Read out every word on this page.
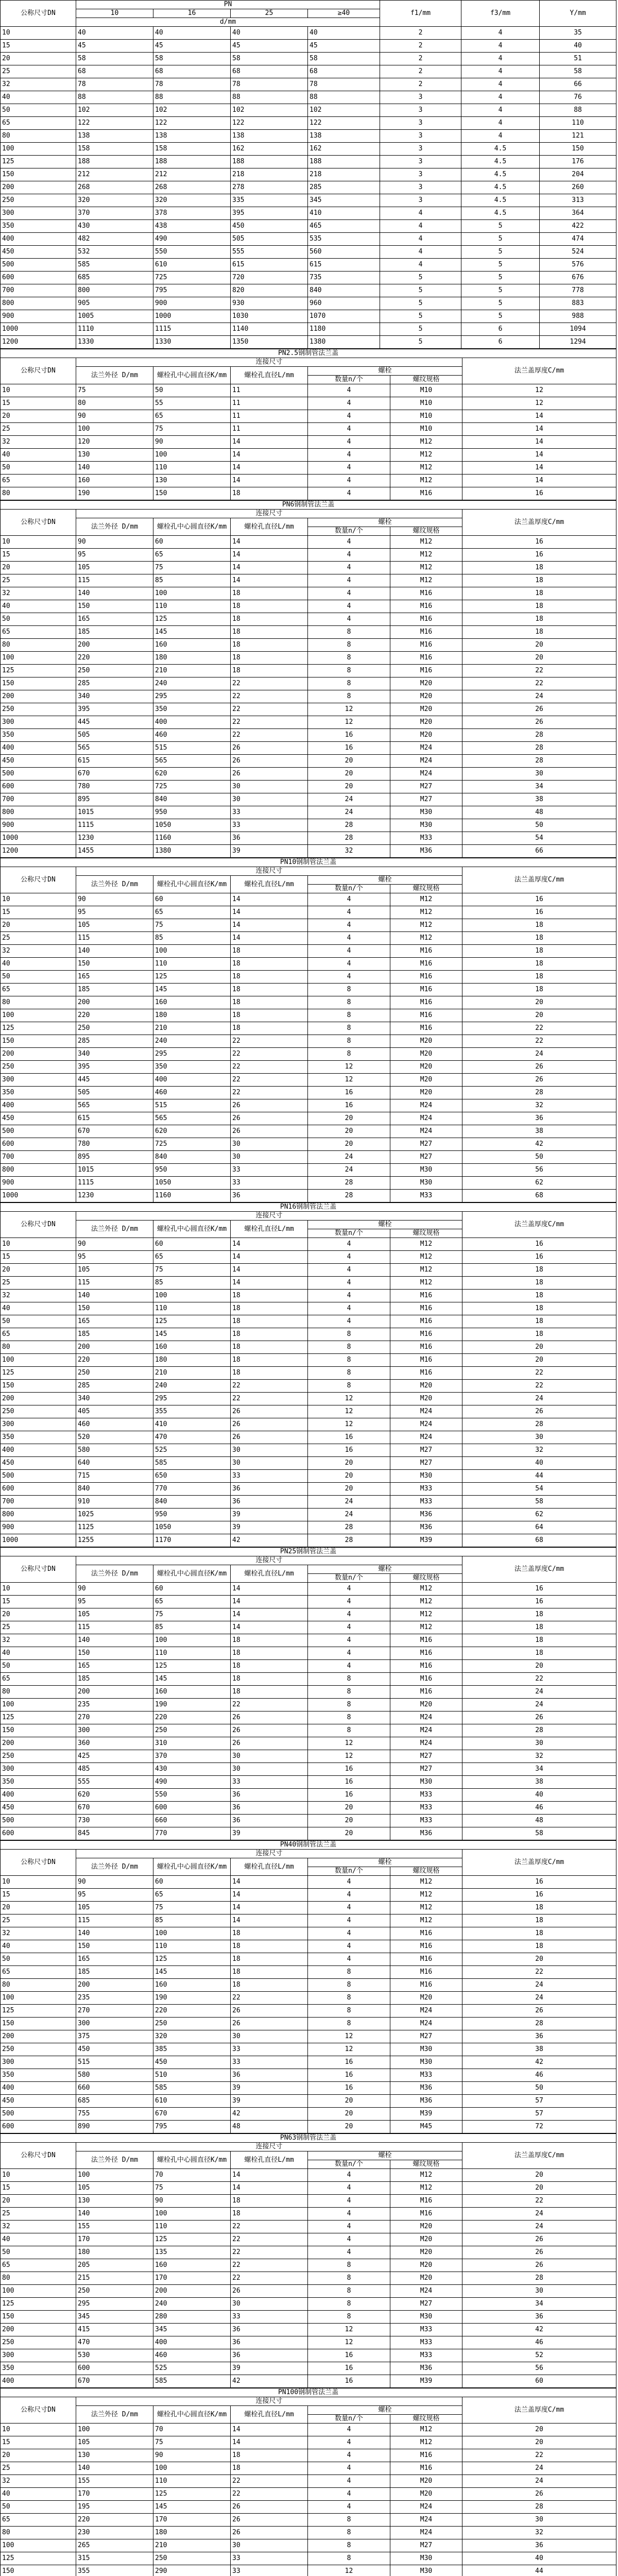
公称尺寸DN	PN				f1/mm	f3/mm	Y/mm
	10	16	25	≥40			
	d/mm						
10	40	40	40	40	2	4	35
15	45	45	45	45	2	4	40
20	58	58	58	58	2	4	51
25	68	68	68	68	2	4	58
32	78	78	78	78	2	4	66
40	88	88	88	88	3	4	76
50	102	102	102	102	3	4	88
65	122	122	122	122	3	4	110
80	138	138	138	138	3	4	121
100	158	158	162	162	3	4.5	150
125	188	188	188	188	3	4.5	176
150	212	212	218	218	3	4.5	204
200	268	268	278	285	3	4.5	260
250	320	320	335	345	3	4.5	313
300	370	378	395	410	4	4.5	364
350	430	438	450	465	4	5	422
400	482	490	505	535	4	5	474
450	532	550	555	560	4	5	524
500	585	610	615	615	4	5	576
600	685	725	720	735	5	5	676
700	800	795	820	840	5	5	778
800	905	900	930	960	5	5	883
900	1005	1000	1030	1070	5	5	988
1000	1110	1115	1140	1180	5	6	1094
1200	1330	1330	1350	1380	5	6	1294
PN2.5钢制管法兰盖						
公称尺寸DN	连接尺寸					法兰盖厚度C/mm
	法兰外径 D/mm	螺栓孔中心圆直径K/mm	螺栓孔直径L/mm	螺栓		
				数量n/个	螺纹规格	
10	75	50	11	4	M10	12
15	80	55	11	4	M10	12
20	90	65	11	4	M10	14
25	100	75	11	4	M10	14
32	120	90	14	4	M12	14
40	130	100	14	4	M12	14
50	140	110	14	4	M12	14
65	160	130	14	4	M12	14
80	190	150	18	4	M16	16
PN6钢制管法兰盖						
公称尺寸DN	连接尺寸					法兰盖厚度C/mm
	法兰外径 D/mm	螺栓孔中心圆直径K/mm	螺栓孔直径L/mm	螺栓		
				数量n/个	螺纹规格	
10	90	60	14	4	M12	16
15	95	65	14	4	M12	16
20	105	75	14	4	M12	18
25	115	85	14	4	M12	18
32	140	100	18	4	M16	18
40	150	110	18	4	M16	18
50	165	125	18	4	M16	18
65	185	145	18	8	M16	18
80	200	160	18	8	M16	20
100	220	180	18	8	M16	20
125	250	210	18	8	M16	22
150	285	240	22	8	M20	22
200	340	295	22	8	M20	24
250	395	350	22	12	M20	26
300	445	400	22	12	M20	26
350	505	460	22	16	M20	28
400	565	515	26	16	M24	28
450	615	565	26	20	M24	28
500	670	620	26	20	M24	30
600	780	725	30	20	M27	34
700	895	840	30	24	M27	38
800	1015	950	33	24	M30	48
900	1115	1050	33	28	M30	50
1000	1230	1160	36	28	M33	54
1200	1455	1380	39	32	M36	66
PN10钢制管法兰盖						
公称尺寸DN	连接尺寸					法兰盖厚度C/mm
	法兰外径 D/mm	螺栓孔中心圆直径K/mm	螺栓孔直径L/mm	螺栓		
				数量n/个	螺纹规格	
10	90	60	14	4	M12	16
15	95	65	14	4	M12	16
20	105	75	14	4	M12	18
25	115	85	14	4	M12	18
32	140	100	18	4	M16	18
40	150	110	18	4	M16	18
50	165	125	18	4	M16	18
65	185	145	18	8	M16	18
80	200	160	18	8	M16	20
100	220	180	18	8	M16	20
125	250	210	18	8	M16	22
150	285	240	22	8	M20	22
200	340	295	22	8	M20	24
250	395	350	22	12	M20	26
300	445	400	22	12	M20	26
350	505	460	22	16	M20	28
400	565	515	26	16	M24	32
450	615	565	26	20	M24	36
500	670	620	26	20	M24	38
600	780	725	30	20	M27	42
700	895	840	30	24	M27	50
800	1015	950	33	24	M30	56
900	1115	1050	33	28	M30	62
1000	1230	1160	36	28	M33	68
PN16钢制管法兰盖						
公称尺寸DN	连接尺寸					法兰盖厚度C/mm
	法兰外径 D/mm	螺栓孔中心圆直径K/mm	螺栓孔直径L/mm	螺栓		
				数量n/个	螺纹规格	
10	90	60	14	4	M12	16
15	95	65	14	4	M12	16
20	105	75	14	4	M12	18
25	115	85	14	4	M12	18
32	140	100	18	4	M16	18
40	150	110	18	4	M16	18
50	165	125	18	4	M16	18
65	185	145	18	8	M16	18
80	200	160	18	8	M16	20
100	220	180	18	8	M16	20
125	250	210	18	8	M16	22
150	285	240	22	8	M20	22
200	340	295	22	12	M20	24
250	405	355	26	12	M24	26
300	460	410	26	12	M24	28
350	520	470	26	16	M24	30
400	580	525	30	16	M27	32
450	640	585	30	20	M27	40
500	715	650	33	20	M30	44
600	840	770	36	20	M33	54
700	910	840	36	24	M33	58
800	1025	950	39	24	M36	62
900	1125	1050	39	28	M36	64
1000	1255	1170	42	28	M39	68
PN25钢制管法兰盖						
公称尺寸DN	连接尺寸					法兰盖厚度C/mm
	法兰外径 D/mm	螺栓孔中心圆直径K/mm	螺栓孔直径L/mm	螺栓		
				数量n/个	螺纹规格	
10	90	60	14	4	M12	16
15	95	65	14	4	M12	16
20	105	75	14	4	M12	18
25	115	85	14	4	M12	18
32	140	100	18	4	M16	18
40	150	110	18	4	M16	18
50	165	125	18	4	M16	20
65	185	145	18	8	M16	22
80	200	160	18	8	M16	24
100	235	190	22	8	M20	24
125	270	220	26	8	M24	26
150	300	250	26	8	M24	28
200	360	310	26	12	M24	30
250	425	370	30	12	M27	32
300	485	430	30	16	M27	34
350	555	490	33	16	M30	38
400	620	550	36	16	M33	40
450	670	600	36	20	M33	46
500	730	660	36	20	M33	48
600	845	770	39	20	M36	58
PN40钢制管法兰盖						
公称尺寸DN	连接尺寸					法兰盖厚度C/mm
	法兰外径 D/mm	螺栓孔中心圆直径K/mm	螺栓孔直径L/mm	螺栓		
				数量n/个	螺纹规格	
10	90	60	14	4	M12	16
15	95	65	14	4	M12	16
20	105	75	14	4	M12	18
25	115	85	14	4	M12	18
32	140	100	18	4	M16	18
40	150	110	18	4	M16	18
50	165	125	18	4	M16	20
65	185	145	18	8	M16	22
80	200	160	18	8	M16	24
100	235	190	22	8	M20	24
125	270	220	26	8	M24	26
150	300	250	26	8	M24	28
200	375	320	30	12	M27	36
250	450	385	33	12	M30	38
300	515	450	33	16	M30	42
350	580	510	36	16	M33	46
400	660	585	39	16	M36	50
450	685	610	39	20	M36	57
500	755	670	42	20	M39	57
600	890	795	48	20	M45	72
PN63钢制管法兰盖						
公称尺寸DN	连接尺寸					法兰盖厚度C/mm
	法兰外径 D/mm	螺栓孔中心圆直径K/mm	螺栓孔直径L/mm	螺栓		
				数量n/个	螺纹规格	
10	100	70	14	4	M12	20
15	105	75	14	4	M12	20
20	130	90	18	4	M16	22
25	140	100	18	4	M16	24
32	155	110	22	4	M20	24
40	170	125	22	4	M20	26
50	180	135	22	4	M20	26
65	205	160	22	8	M20	26
80	215	170	22	8	M20	28
100	250	200	26	8	M24	30
125	295	240	30	8	M27	34
150	345	280	33	8	M30	36
200	415	345	36	12	M33	42
250	470	400	36	12	M33	46
300	530	460	36	16	M33	52
350	600	525	39	16	M36	56
400	670	585	42	16	M39	60
PN100钢制管法兰盖						
公称尺寸DN	连接尺寸					法兰盖厚度C/mm
	法兰外径 D/mm	螺栓孔中心圆直径K/mm	螺栓孔直径L/mm	螺栓		
				数量n/个	螺纹规格	
10	100	70	14	4	M12	20
15	105	75	14	4	M12	20
20	130	90	18	4	M16	22
25	140	100	18	4	M16	24
32	155	110	22	4	M20	24
40	170	125	22	4	M20	26
50	195	145	26	4	M24	28
65	220	170	26	8	M24	30
80	230	180	26	8	M24	32
100	265	210	30	8	M27	36
125	315	250	33	8	M30	40
150	355	290	33	12	M30	44
